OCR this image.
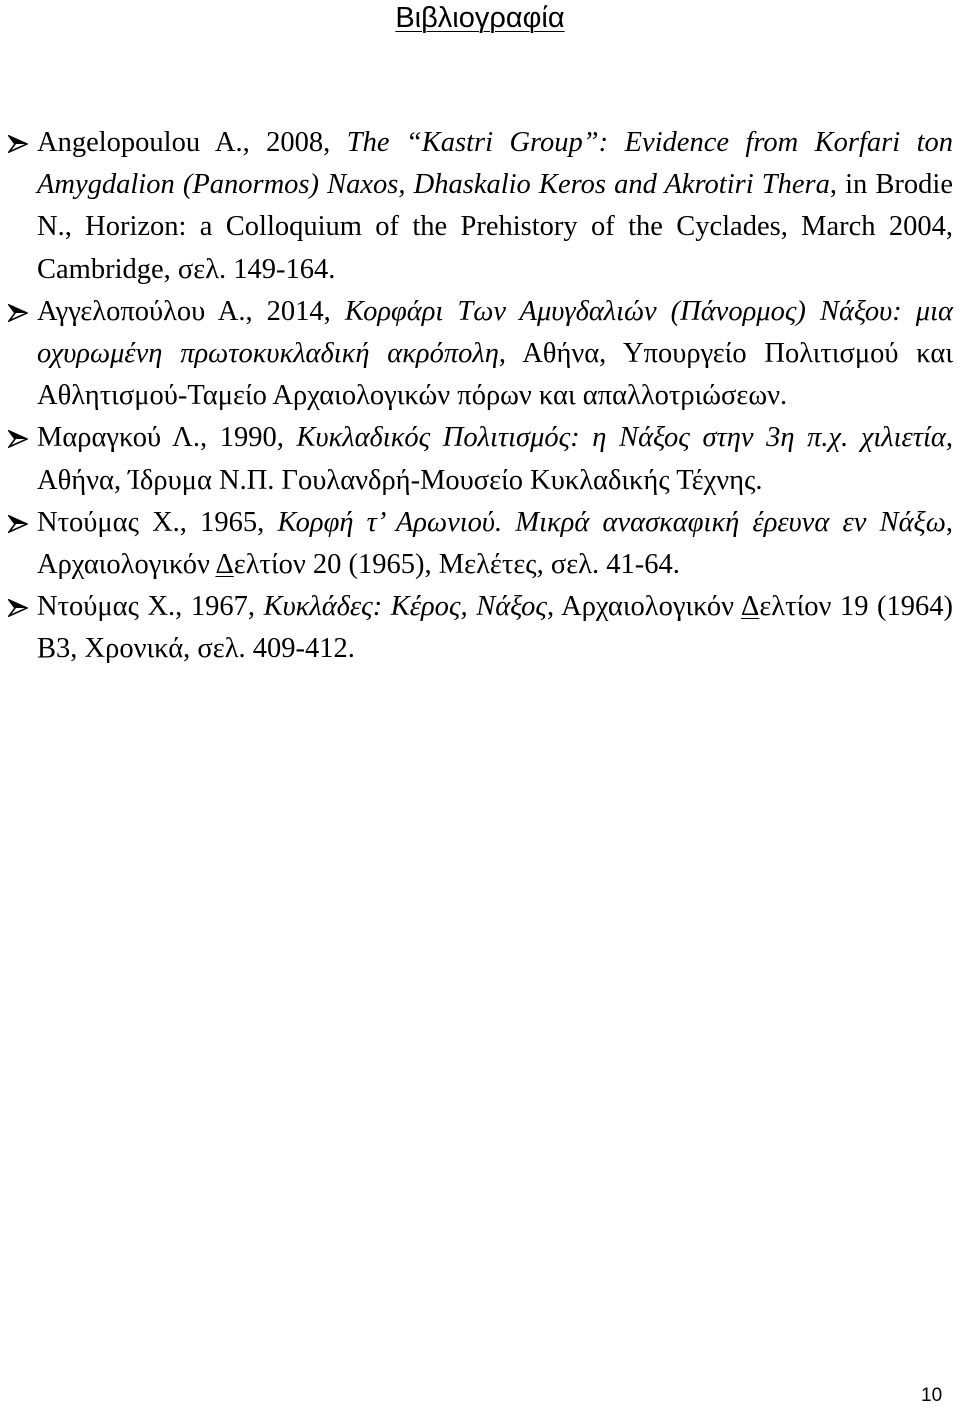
Βιβλιογραφία
Angelopoulou A., 2008, The “Kastri Group”: Evidence from Korfari ton Amygdalion (Panormos) Naxos, Dhaskalio Keros and Akrotiri Thera, in Brodie N., Horizon: a Colloquium of the Prehistory of the Cyclades, March 2004, Cambridge, σελ. 149-164.
Αγγελοπούλου Α., 2014, Κορφάρι Των Αμυγδαλιών (Πάνορμος) Νάξου: μια οχυρωμένη πρωτοκυκλαδική ακρόπολη, Αθήνα, Υπουργείο Πολιτισμού και Αθλητισμού-Ταμείο Αρχαιολογικών πόρων και απαλλοτριώσεων.
Μαραγκού Λ., 1990, Κυκλαδικός Πολιτισμός: η Νάξος στην 3η π.χ. χιλιετία, Αθήνα, Ίδρυμα Ν.Π. Γουλανδρή-Μουσείο Κυκλαδικής Τέχνης.
Ντούμας Χ., 1965, Κορφή τ’ Αρωνιού. Μικρά ανασκαφική έρευνα εν Νάξω, Αρχαιολογικόν Δελτίον 20 (1965), Μελέτες, σελ. 41-64.
Ντούμας Χ., 1967, Κυκλάδες: Κέρος, Νάξος, Αρχαιολογικόν Δελτίον 19 (1964) Β3, Χρονικά, σελ. 409-412.
10
